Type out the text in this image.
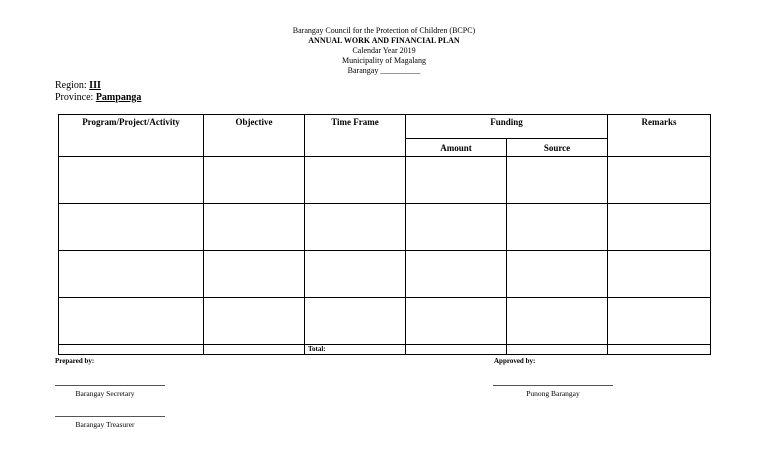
Barangay Council for the Protection of Children (BCPC)
ANNUAL WORK AND FINANCIAL PLAN
Calendar Year 2019
Municipality of Magalang
Barangay __________
Region: III
Province: Pampanga
Program/Project/Activity	Objective	Time Frame	Funding		Remarks
			Amount	Source	

		Total:			
Prepared by:	Approved by:
Barangay Secretary
Barangay Treasurer
Punong Barangay
